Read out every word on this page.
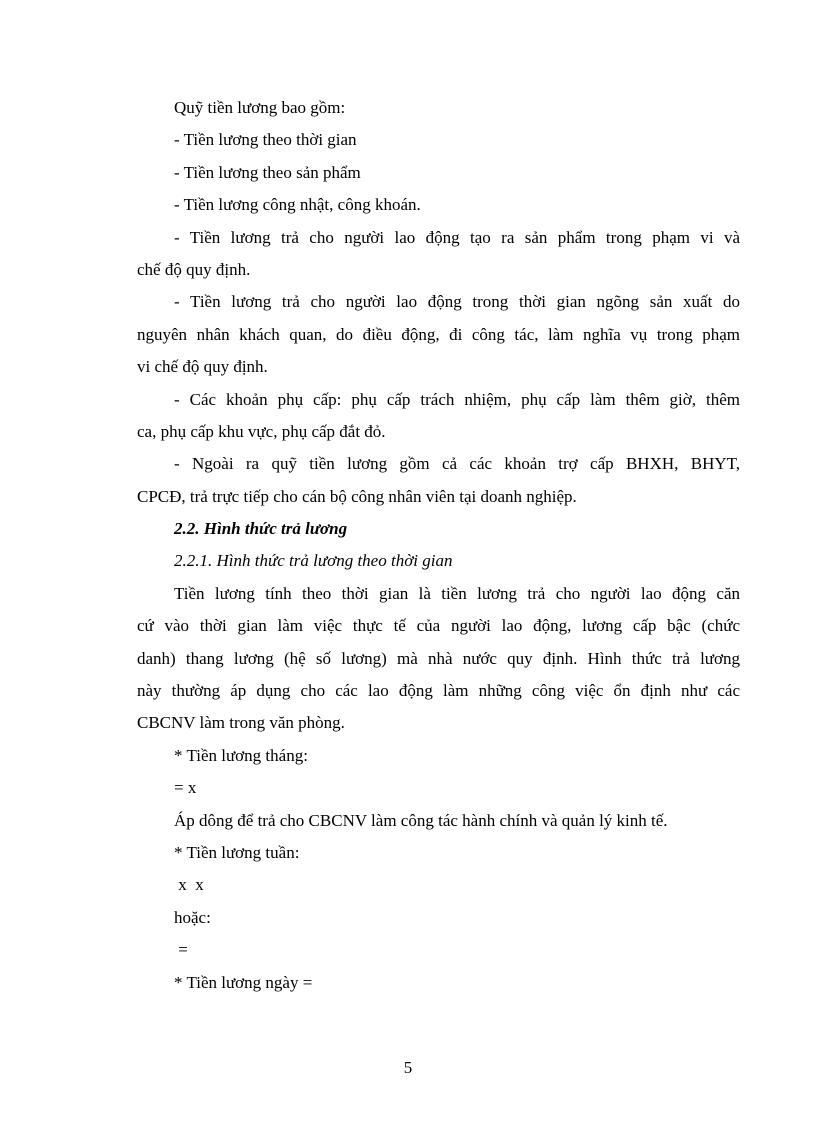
Quỹ tiền lương bao gồm:
- Tiền lương theo thời gian
- Tiền lương theo sản phẩm
- Tiền lương công nhật, công khoán.
- Tiền lương trả cho người lao động tạo ra sản phẩm trong phạm vi và
chế độ quy định.
- Tiền lương trả cho người lao động trong thời gian ngõng sản xuất do
nguyên nhân khách quan, do điều động, đi công tác, làm nghĩa vụ trong phạm
vi chế độ quy định.
- Các khoản phụ cấp: phụ cấp trách nhiệm, phụ cấp làm thêm giờ, thêm
ca, phụ cấp khu vực, phụ cấp đắt đỏ.
- Ngoài ra quỹ tiền lương gồm cả các khoản trợ cấp BHXH, BHYT,
CPCĐ, trả trực tiếp cho cán bộ công nhân viên tại doanh nghiệp.
2.2. Hình thức trả lương
2.2.1. Hình thức trả lương theo thời gian
Tiền lương tính theo thời gian là tiền lương trả cho người lao động căn
cứ vào thời gian làm việc thực tế của người lao động, lương cấp bậc (chức
danh) thang lương (hệ số lương) mà nhà nước quy định. Hình thức trả lương
này thường áp dụng cho các lao động làm những công việc ổn định như các
CBCNV làm trong văn phòng.
* Tiền lương tháng:
= x
Áp dông để trả cho CBCNV làm công tác hành chính và quản lý kinh tế.
* Tiền lương tuần:
x  x
hoặc:
=
* Tiền lương ngày =
5
